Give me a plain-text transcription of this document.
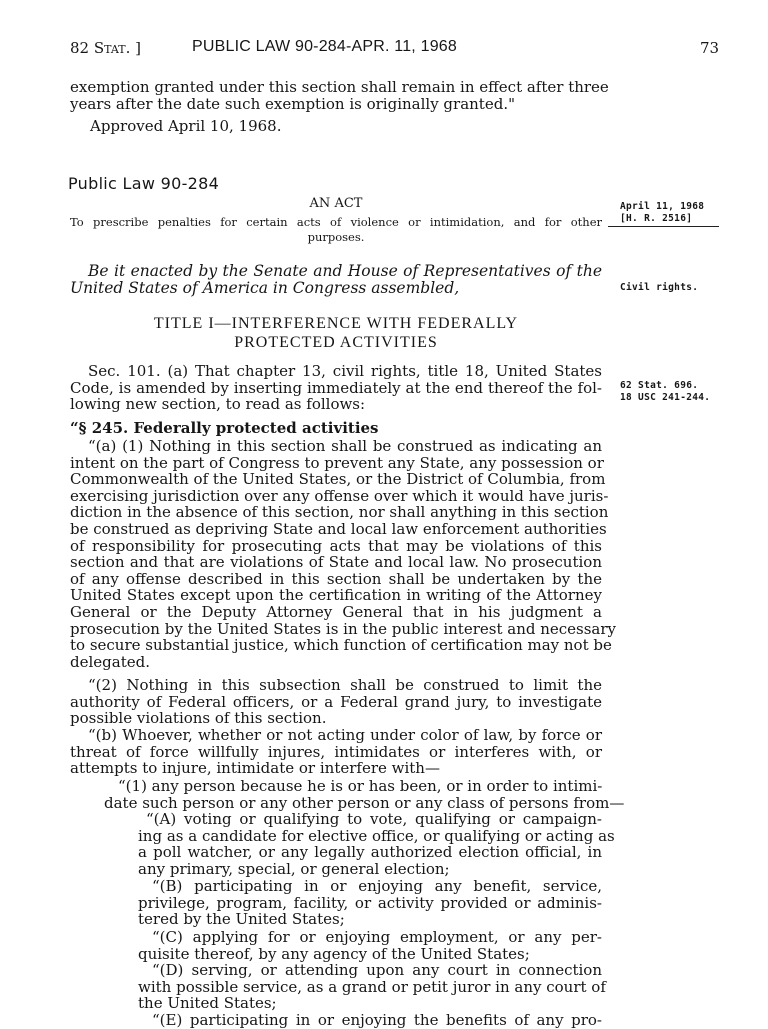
82 Stat. ]	PUBLIC LAW 90-284-APR. 11, 1968	73
exemption granted under this section shall remain in effect after three
years after the date such exemption is originally granted."
Approved April 10, 1968.
Public Law 90-284
AN ACT
To prescribe penalties for certain acts of violence or intimidation, and for other
purposes.
April 11, 1968
[H. R. 2516]
Civil rights.
62 Stat. 696.
18 USC 241-244.
Be it enacted by the Senate and House of Representatives of the
United States of America in Congress assembled,
TITLE I—INTERFERENCE WITH FEDERALLY
PROTECTED ACTIVITIES
Sec. 101. (a) That chapter 13, civil rights, title 18, United States
Code, is amended by inserting immediately at the end thereof the fol-
lowing new section, to read as follows:
“§ 245. Federally protected activities
“(a) (1) Nothing in this section shall be construed as indicating an
intent on the part of Congress to prevent any State, any possession or
Commonwealth of the United States, or the District of Columbia, from
exercising jurisdiction over any offense over which it would have juris-
diction in the absence of this section, nor shall anything in this section
be construed as depriving State and local law enforcement authorities
of responsibility for prosecuting acts that may be violations of this
section and that are violations of State and local law. No prosecution
of any offense described in this section shall be undertaken by the
United States except upon the certification in writing of the Attorney
General or the Deputy Attorney General that in his judgment a
prosecution by the United States is in the public interest and necessary
to secure substantial justice, which function of certification may not be
delegated.
“(2) Nothing in this subsection shall be construed to limit the
authority of Federal officers, or a Federal grand jury, to investigate
possible violations of this section.
“(b) Whoever, whether or not acting under color of law, by force or
threat of force willfully injures, intimidates or interferes with, or
attempts to injure, intimidate or interfere with—
“(1) any person because he is or has been, or in order to intimi-
date such person or any other person or any class of persons from—
“(A) voting or qualifying to vote, qualifying or campaign-
ing as a candidate for elective office, or qualifying or acting as
a poll watcher, or any legally authorized election official, in
any primary, special, or general election;
“(B) participating in or enjoying any benefit, service,
privilege, program, facility, or activity provided or adminis-
tered by the United States;
“(C) applying for or enjoying employment, or any per-
quisite thereof, by any agency of the United States;
“(D) serving, or attending upon any court in connection
with possible service, as a grand or petit juror in any court of
the United States;
“(E) participating in or enjoying the benefits of any pro-
